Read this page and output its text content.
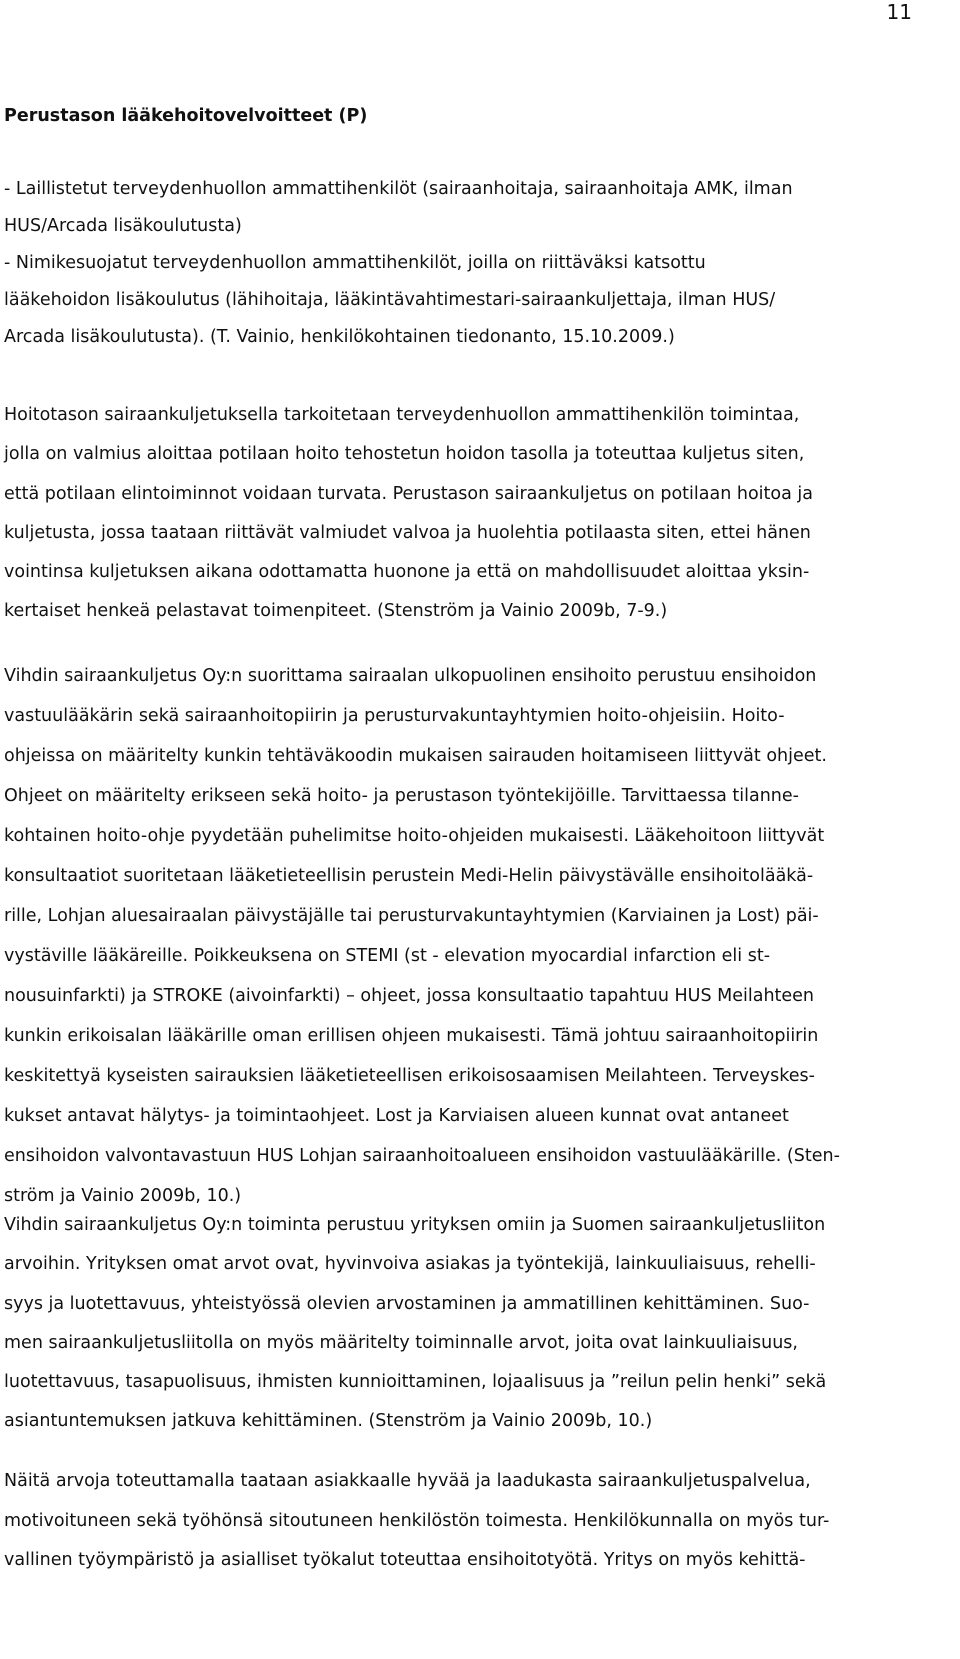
11
Perustason lääkehoitovelvoitteet (P)
- Laillistetut terveydenhuollon ammattihenkilöt (sairaanhoitaja, sairaanhoitaja AMK, ilman
HUS/Arcada lisäkoulutusta)
- Nimikesuojatut terveydenhuollon ammattihenkilöt, joilla on riittäväksi katsottu
lääkehoidon lisäkoulutus (lähihoitaja, lääkintävahtimestari-sairaankuljettaja, ilman HUS/
Arcada lisäkoulutusta). (T. Vainio, henkilökohtainen tiedonanto, 15.10.2009.)
Hoitotason sairaankuljetuksella tarkoitetaan terveydenhuollon ammattihenkilön toimintaa,
jolla on valmius aloittaa potilaan hoito tehostetun hoidon tasolla ja toteuttaa kuljetus siten,
että potilaan elintoiminnot voidaan turvata. Perustason sairaankuljetus on potilaan hoitoa ja
kuljetusta, jossa taataan riittävät valmiudet valvoa ja huolehtia potilaasta siten, ettei hänen
vointinsa kuljetuksen aikana odottamatta huonone ja että on mahdollisuudet aloittaa yksin-
kertaiset henkeä pelastavat toimenpiteet. (Stenström ja Vainio 2009b, 7-9.)
Vihdin sairaankuljetus Oy:n suorittama sairaalan ulkopuolinen ensihoito perustuu ensihoidon
vastuulääkärin sekä sairaanhoitopiirin ja perusturvakuntayhtymien hoito-ohjeisiin. Hoito-
ohjeissa on määritelty kunkin tehtäväkoodin mukaisen sairauden hoitamiseen liittyvät ohjeet.
Ohjeet on määritelty erikseen sekä hoito- ja perustason työntekijöille. Tarvittaessa tilanne-
kohtainen hoito-ohje pyydetään puhelimitse hoito-ohjeiden mukaisesti. Lääkehoitoon liittyvät
konsultaatiot suoritetaan lääketieteellisin perustein Medi-Helin päivystävälle ensihoitolääkä-
rille, Lohjan aluesairaalan päivystäjälle tai perusturvakuntayhtymien (Karviainen ja Lost) päi-
vystäville lääkäreille. Poikkeuksena on STEMI (st - elevation myocardial infarction eli st-
nousuinfarkti) ja STROKE (aivoinfarkti) – ohjeet, jossa konsultaatio tapahtuu HUS Meilahteen
kunkin erikoisalan lääkärille oman erillisen ohjeen mukaisesti. Tämä johtuu sairaanhoitopiirin
keskitettyä kyseisten sairauksien lääketieteellisen erikoisosaamisen Meilahteen. Terveyskes-
kukset antavat hälytys- ja toimintaohjeet. Lost ja Karviaisen alueen kunnat ovat antaneet
ensihoidon valvontavastuun HUS Lohjan sairaanhoitoalueen ensihoidon vastuulääkärille. (Sten-
ström ja Vainio 2009b, 10.)
Vihdin sairaankuljetus Oy:n toiminta perustuu yrityksen omiin ja Suomen sairaankuljetusliiton
arvoihin. Yrityksen omat arvot ovat, hyvinvoiva asiakas ja työntekijä, lainkuuliaisuus, rehelli-
syys ja luotettavuus, yhteistyössä olevien arvostaminen ja ammatillinen kehittäminen. Suo-
men sairaankuljetusliitolla on myös määritelty toiminnalle arvot, joita ovat lainkuuliaisuus,
luotettavuus, tasapuolisuus, ihmisten kunnioittaminen, lojaalisuus ja ”reilun pelin henki” sekä
asiantuntemuksen jatkuva kehittäminen. (Stenström ja Vainio 2009b, 10.)
Näitä arvoja toteuttamalla taataan asiakkaalle hyvää ja laadukasta sairaankuljetuspalvelua,
motivoituneen sekä työhönsä sitoutuneen henkilöstön toimesta. Henkilökunnalla on myös tur-
vallinen työympäristö ja asialliset työkalut toteuttaa ensihoitotyötä. Yritys on myös kehittä-
